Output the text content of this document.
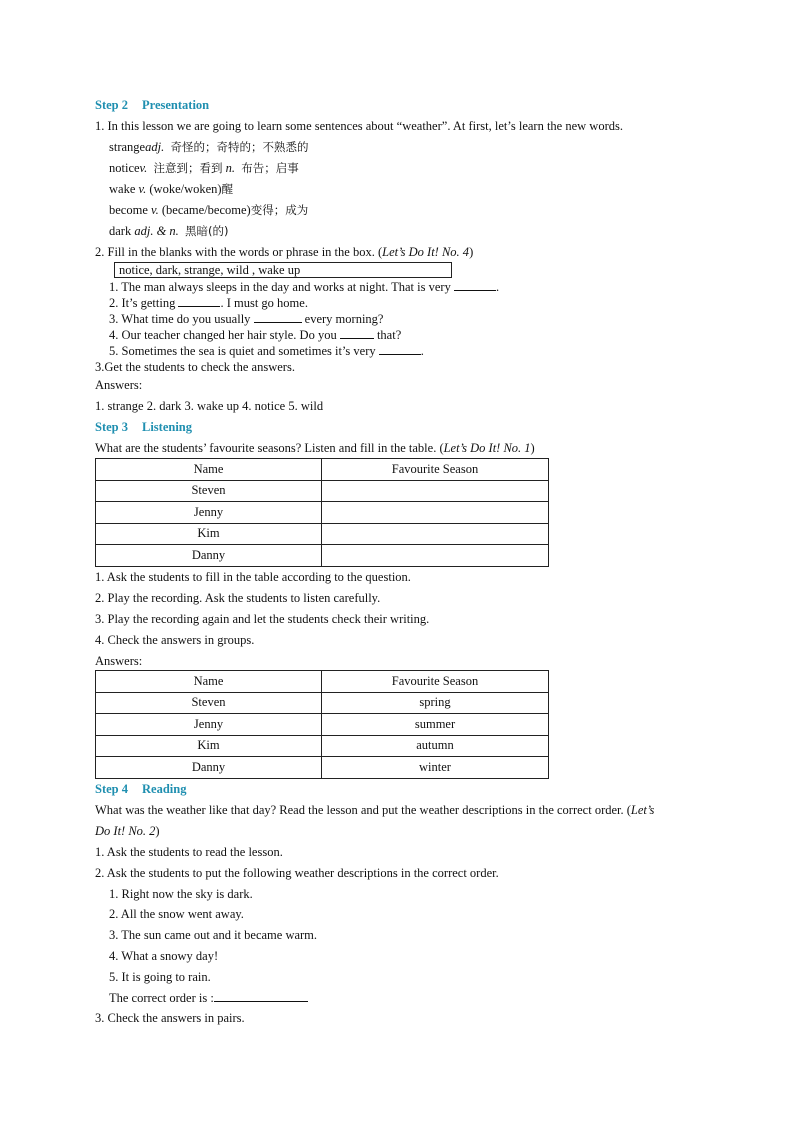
Step 2 Presentation
1. In this lesson we are going to learn some sentences about “weather”. At first, let’s learn the new words.
strangeadj. 奇怪的；奇特的；不熟悉的
noticev. 注意到；看到 n. 布告；启事
wake v. (woke/woken)醒
become v. (became/become)变得；成为
dark adj. & n. 黑暗(的)
2. Fill in the blanks with the words or phrase in the box. (Let’s Do It! No. 4)
notice, dark, strange, wild , wake up
1. The man always sleeps in the day and works at night. That is very	.
2. It’s getting	. I must go home.
3. What time do you usually	every morning?
4. Our teacher changed her hair style. Do you	that?
5. Sometimes the sea is quiet and sometimes it’s very	.
3.Get the students to check the answers.
Answers:
1. strange 2. dark 3. wake up 4. notice 5. wild
Step 3 Listening
What are the students’ favourite seasons? Listen and fill in the table. (Let’s Do It! No. 1)
Name	Favourite Season
Steven	
Jenny	
Kim	
Danny	
1. Ask the students to fill in the table according to the question.
2. Play the recording. Ask the students to listen carefully.
3. Play the recording again and let the students check their writing.
4. Check the answers in groups.
Answers:
Name	Favourite Season
Steven	spring
Jenny	summer
Kim	autumn
Danny	winter
Step 4 Reading
What was the weather like that day? Read the lesson and put the weather descriptions in the correct order. (Let’s
Do It! No. 2)
1. Ask the students to read the lesson.
2. Ask the students to put the following weather descriptions in the correct order.
1. Right now the sky is dark.
2. All the snow went away.
3. The sun came out and it became warm.
4. What a snowy day!
5. It is going to rain.
The correct order is :
3. Check the answers in pairs.
